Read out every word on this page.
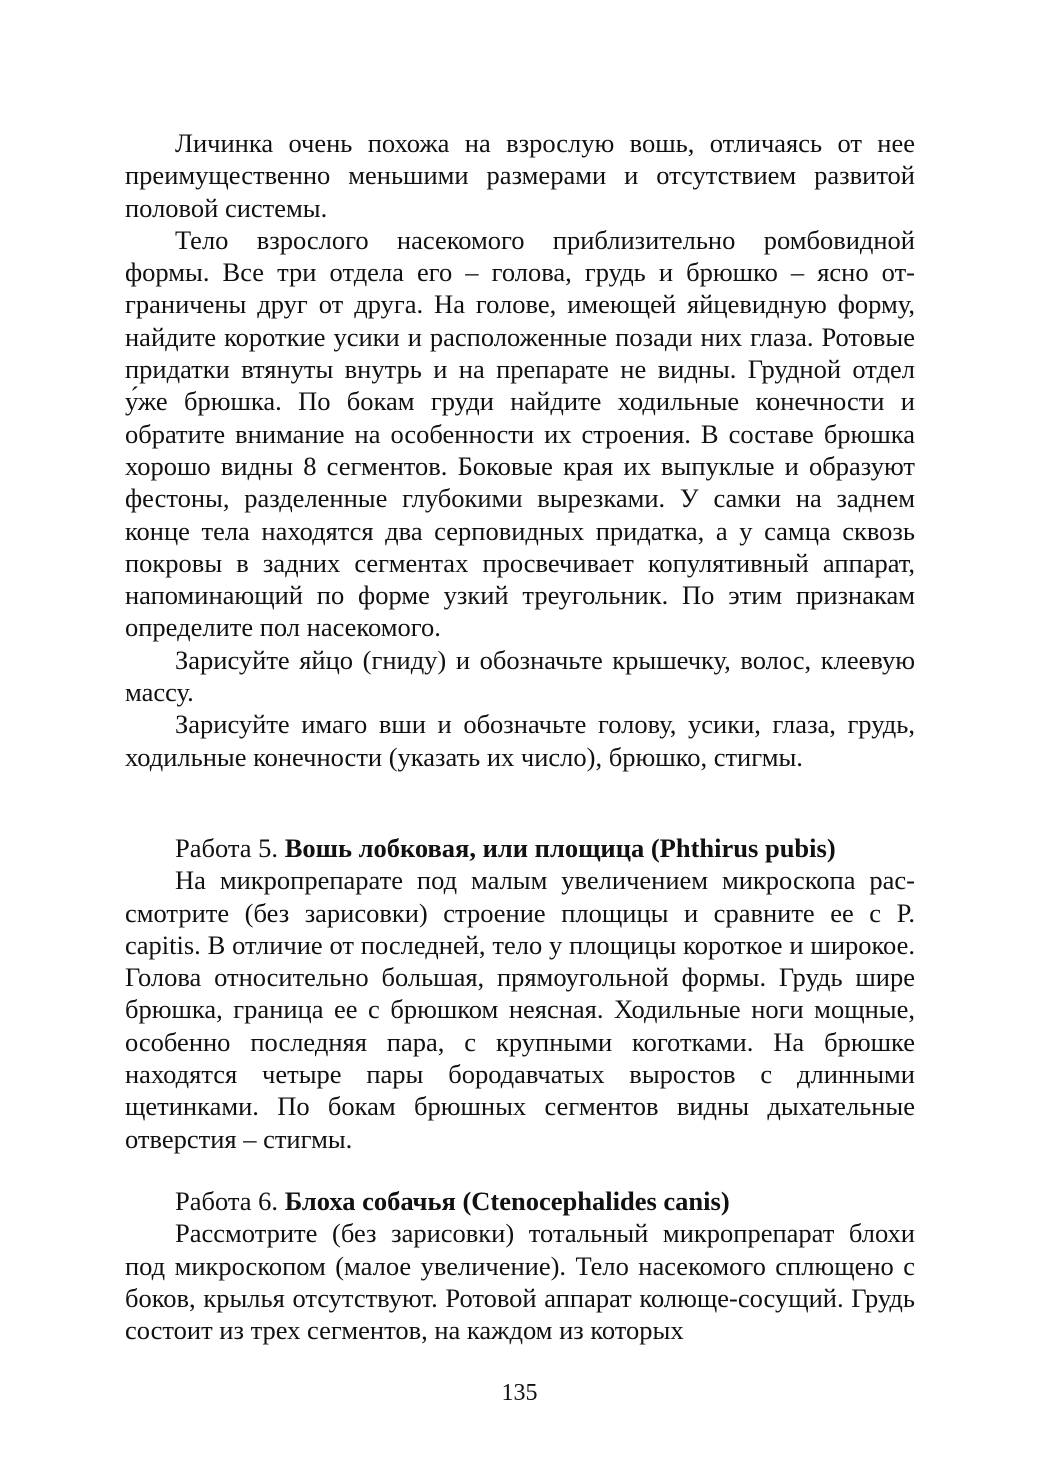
Личинка очень похожа на взрослую вошь, отличаясь от нее преимущественно меньшими размерами и отсутствием развитой половой системы.

Тело взрослого насекомого приблизительно ромбовидной формы. Все три отдела его – голова, грудь и брюшко – ясно отграничены друг от друга. На голове, имеющей яйцевидную форму, найдите короткие усики и расположенные позади них глаза. Ротовые придатки втянуты внутрь и на препарате не видны. Грудной отдел у́же брюшка. По бокам груди найдите ходильные конечности и обратите внимание на особенности их строения. В составе брюшка хорошо видны 8 сегментов. Боковые края их выпуклые и образуют фестоны, разделенные глубокими вырезками. У самки на заднем конце тела находятся два серповидных придатка, а у самца сквозь покровы в задних сегментах просвечивает копулятивный аппарат, напоминающий по форме узкий треугольник. По этим признакам определите пол насекомого.

Зарисуйте яйцо (гниду) и обозначьте крышечку, волос, клеевую массу.

Зарисуйте имаго вши и обозначьте голову, усики, глаза, грудь, ходильные конечности (указать их число), брюшко, стигмы.

Работа 5. Вошь лобковая, или площица (Phthirus pubis)

На микропрепарате под малым увеличением микроскопа рассмотрите (без зарисовки) строение площицы и сравните ее с P. capitis. В отличие от последней, тело у площицы короткое и широкое. Голова относительно большая, прямоугольной формы. Грудь шире брюшка, граница ее с брюшком неясная. Ходильные ноги мощные, особенно последняя пара, с крупными коготками. На брюшке находятся четыре пары бородавчатых выростов с длинными щетинками. По бокам брюшных сегментов видны дыхательные отверстия – стигмы.

Работа 6. Блоха собачья (Ctenocephalides canis)

Рассмотрите (без зарисовки) тотальный микропрепарат блохи под микроскопом (малое увеличение). Тело насекомого сплющено с боков, крылья отсутствуют. Ротовой аппарат колюще-сосущий. Грудь состоит из трех сегментов, на каждом из которых

135
